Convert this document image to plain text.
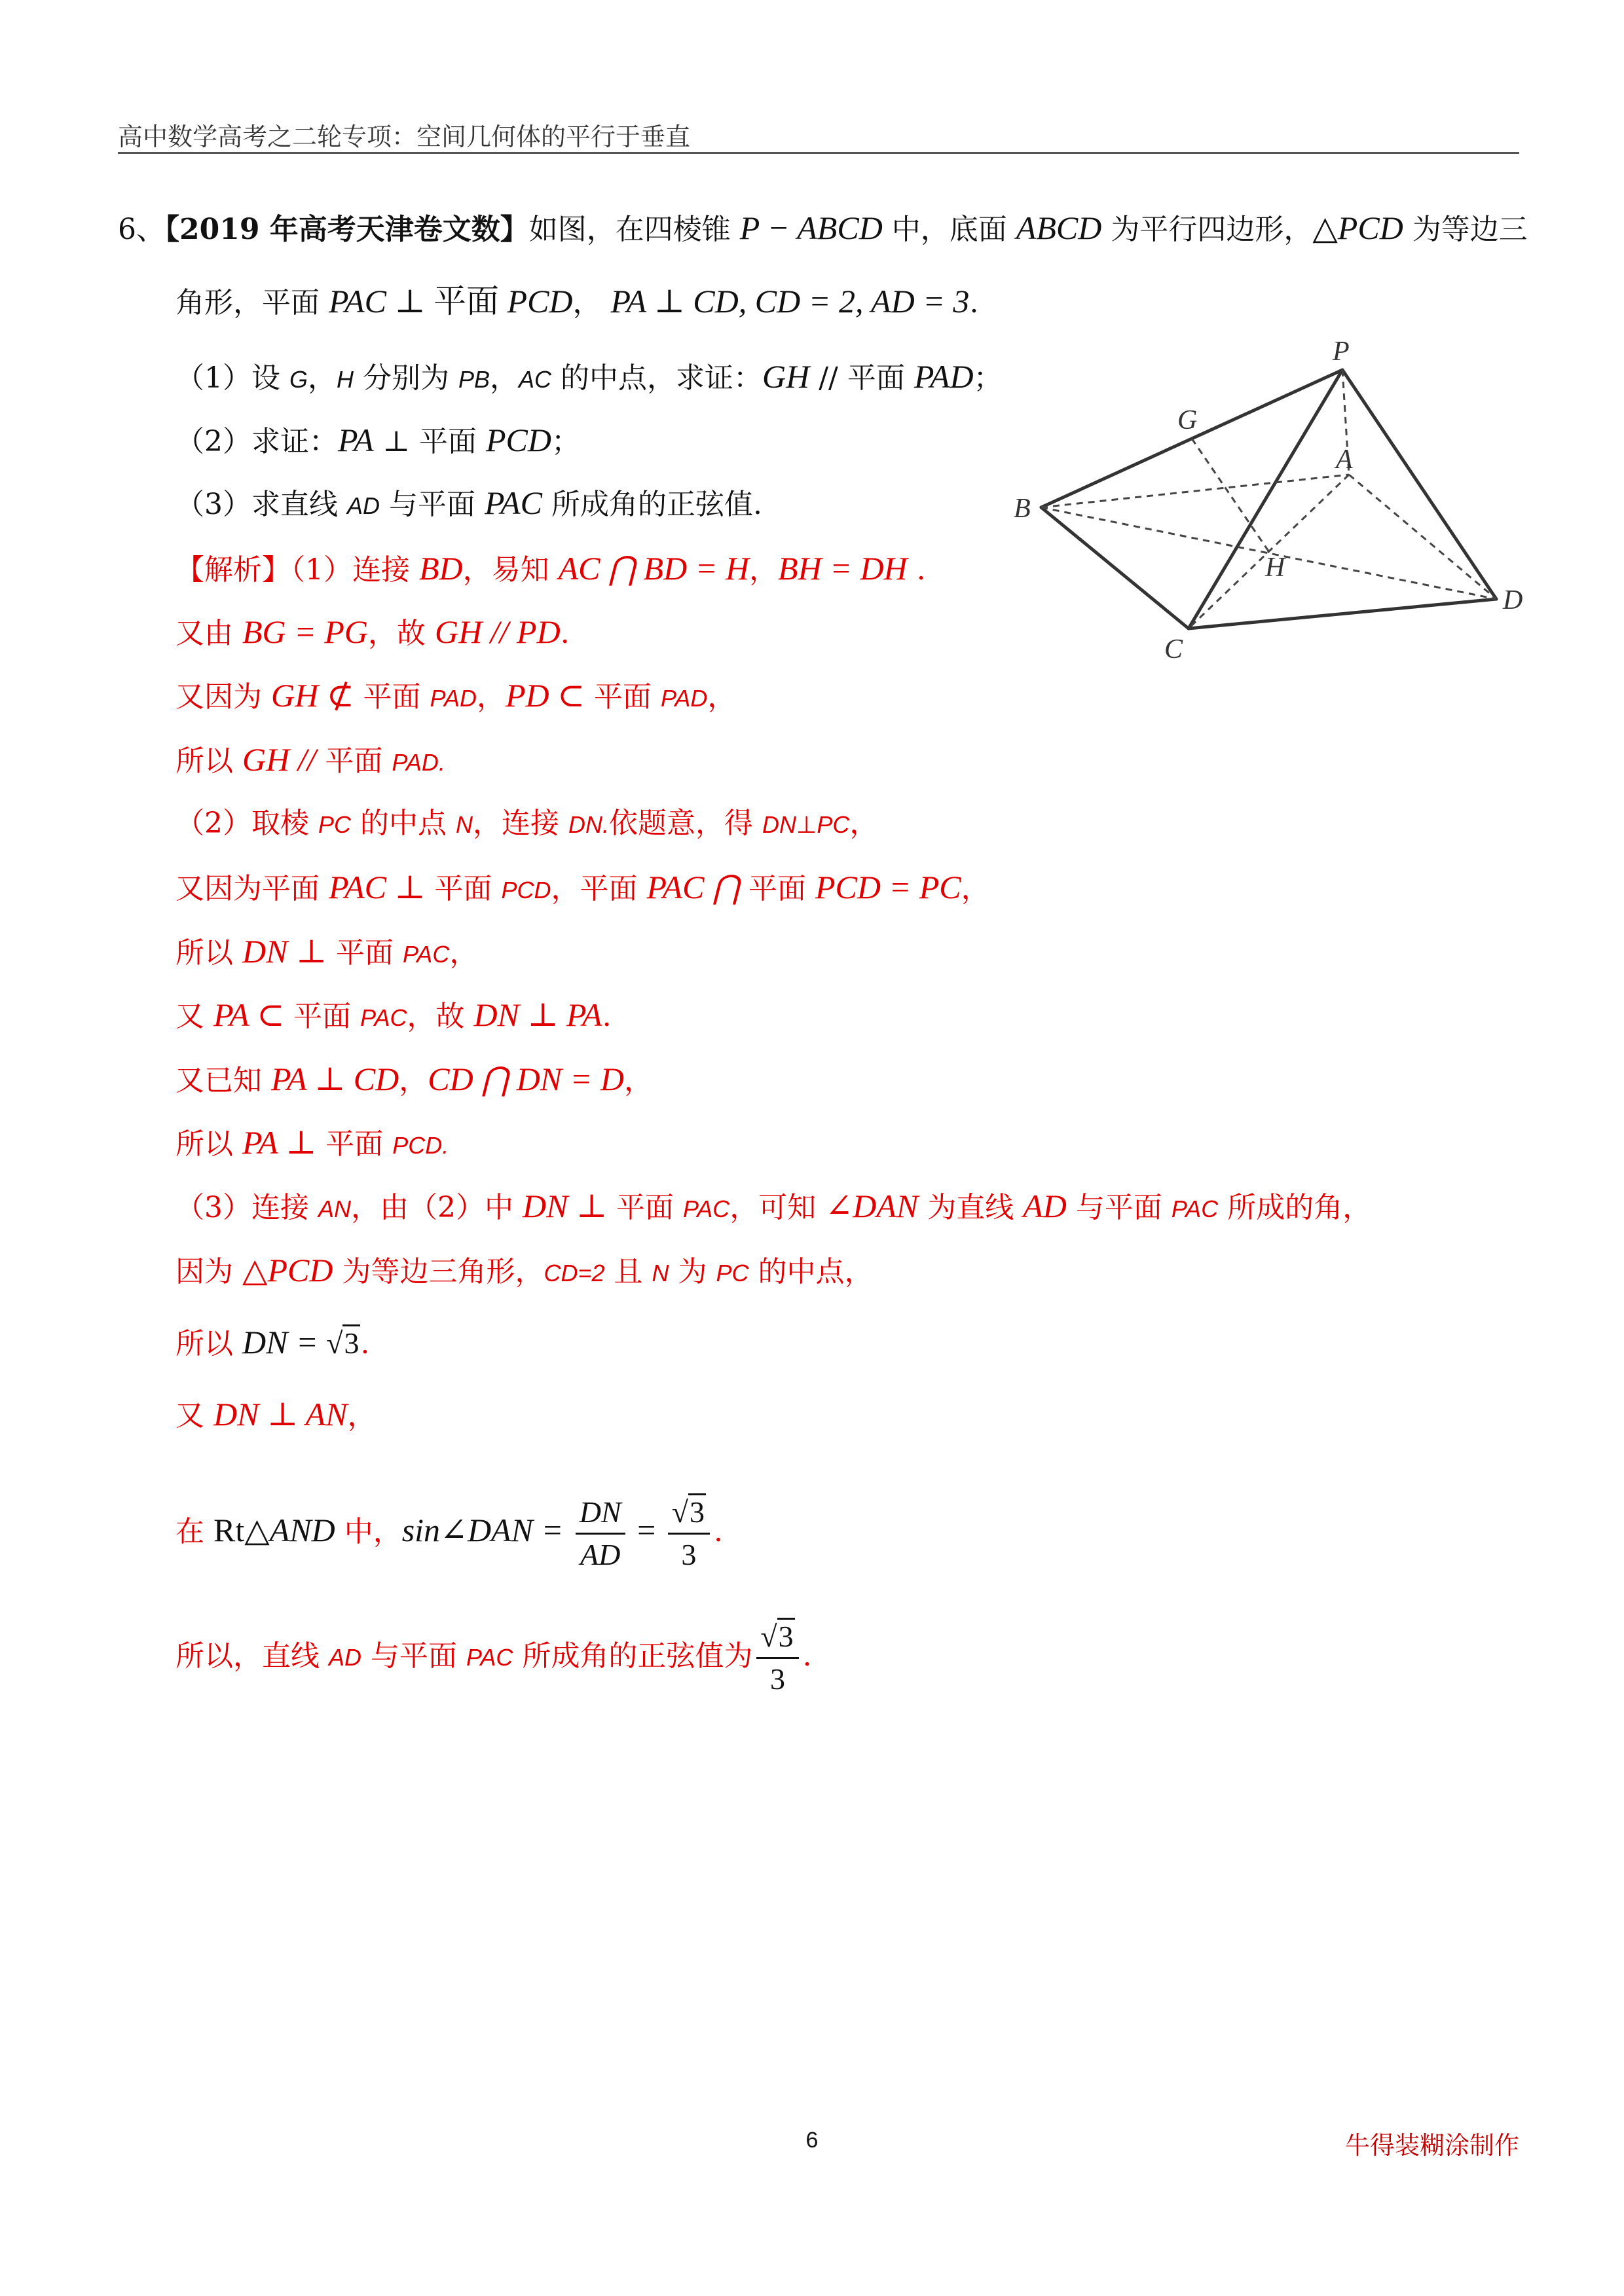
高中数学高考之二轮专项：空间几何体的平行于垂直
6、【2019 年高考天津卷文数】如图，在四棱锥 P − ABCD 中，底面 ABCD 为平行四边形，△PCD 为等边三
角形，平面 PAC ⊥ 平面 PCD， PA ⊥ CD, CD = 2, AD = 3.
（1）设 G，H 分别为 PB，AC 的中点，求证：GH // 平面 PAD；
（2）求证：PA ⊥ 平面 PCD；
（3）求直线 AD 与平面 PAC 所成角的正弦值.
P
G
A
B
H
C
D
【解析】（1）连接 BD，易知 AC ⋂ BD = H，BH = DH .
又由 BG = PG，故 GH // PD.
又因为 GH ⊄ 平面 PAD，PD ⊂ 平面 PAD，
所以 GH // 平面 PAD.
（2）取棱 PC 的中点 N，连接 DN.依题意，得 DN⊥PC，
又因为平面 PAC ⊥ 平面 PCD，平面 PAC ⋂ 平面 PCD = PC，
所以 DN ⊥ 平面 PAC，
又 PA ⊂ 平面 PAC，故 DN ⊥ PA.
又已知 PA ⊥ CD，CD ⋂ DN = D，
所以 PA ⊥ 平面 PCD.
（3）连接 AN，由（2）中 DN ⊥ 平面 PAC，可知 ∠DAN 为直线 AD 与平面 PAC 所成的角，
因为 △PCD 为等边三角形，CD=2 且 N 为 PC 的中点，
所以 DN = √3.
又 DN ⊥ AN，
在 Rt△AND 中，sin∠DAN = $\frac{DN}{AD} = \frac{√3}{3}$ .
所以，直线 AD 与平面 PAC 所成角的正弦值为 $\frac{√3}{3}$ .
6	牛得装糊涂制作
